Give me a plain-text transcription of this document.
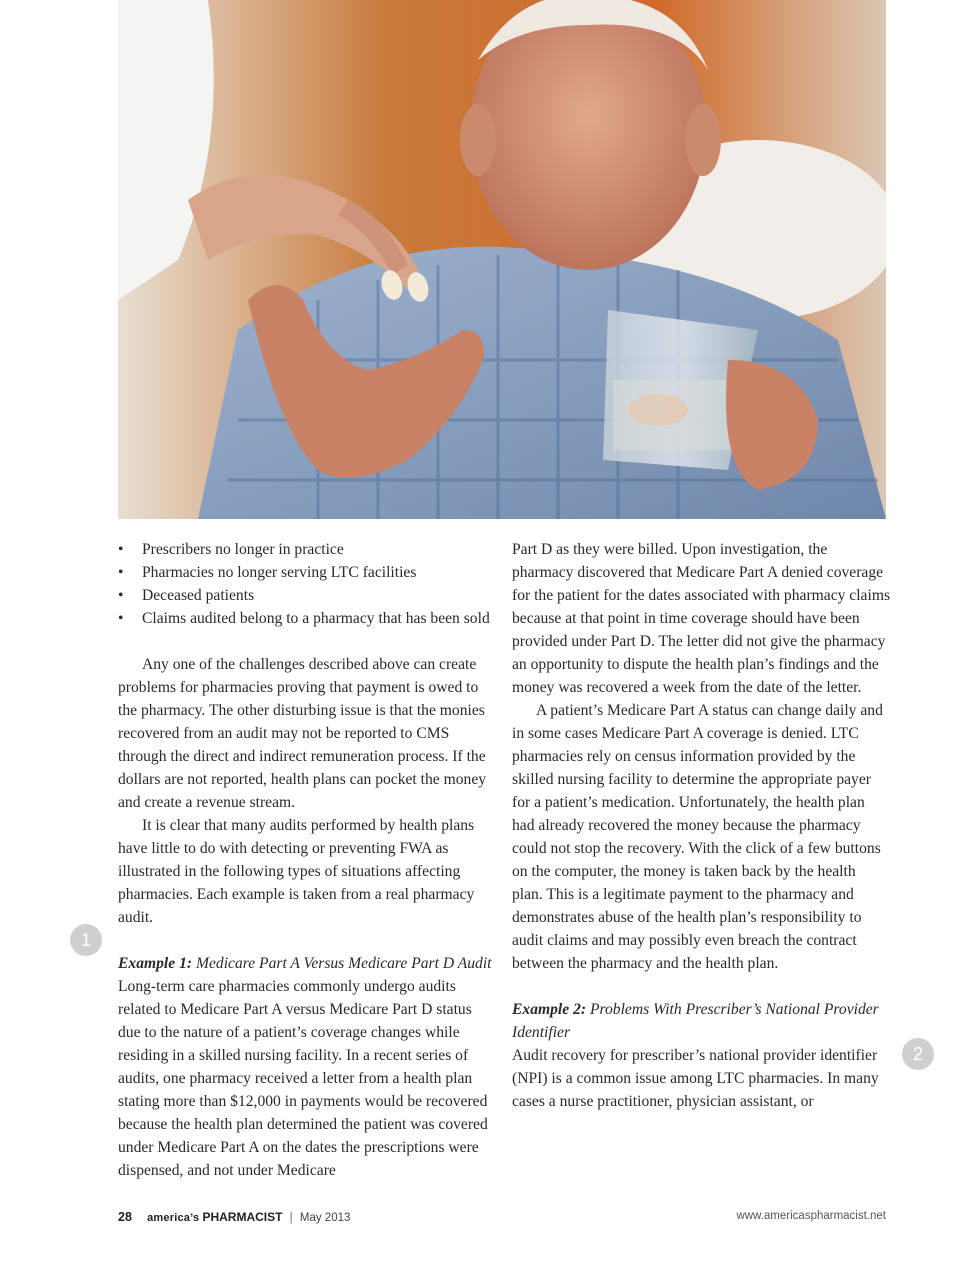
• Prescribers no longer in practice
• Pharmacies no longer serving LTC facilities
• Deceased patients
• Claims audited belong to a pharmacy that has been sold

Any one of the challenges described above can create problems for pharmacies proving that payment is owed to the pharmacy. The other disturbing issue is that the monies recovered from an audit may not be reported to CMS through the direct and indirect remuneration process. If the dollars are not reported, health plans can pocket the money and create a revenue stream.

It is clear that many audits performed by health plans have little to do with detecting or preventing FWA as illustrated in the following types of situations affecting pharmacies. Each example is taken from a real pharmacy audit.

Example 1: Medicare Part A Versus Medicare Part D Audit

Long-term care pharmacies commonly undergo audits related to Medicare Part A versus Medicare Part D status due to the nature of a patient’s coverage changes while residing in a skilled nursing facility. In a recent series of audits, one pharmacy received a letter from a health plan stating more than $12,000 in payments would be recovered because the health plan determined the patient was covered under Medicare Part A on the dates the prescriptions were dispensed, and not under Medicare

Part D as they were billed. Upon investigation, the pharmacy discovered that Medicare Part A denied coverage for the patient for the dates associated with pharmacy claims because at that point in time coverage should have been provided under Part D. The letter did not give the pharmacy an opportunity to dispute the health plan’s findings and the money was recovered a week from the date of the letter.

A patient’s Medicare Part A status can change daily and in some cases Medicare Part A coverage is denied. LTC pharmacies rely on census information provided by the skilled nursing facility to determine the appropriate payer for a patient’s medication. Unfortunately, the health plan had already recovered the money because the pharmacy could not stop the recovery. With the click of a few buttons on the computer, the money is taken back by the health plan. This is a legitimate payment to the pharmacy and demonstrates abuse of the health plan’s responsibility to audit claims and may possibly even breach the contract between the pharmacy and the health plan.

Example 2: Problems With Prescriber’s National Provider Identifier

Audit recovery for prescriber’s national provider identifier (NPI) is a common issue among LTC pharmacies. In many cases a nurse practitioner, physician assistant, or

1
2
28 america’s PHARMACIST | May 2013	www.americaspharmacist.net
